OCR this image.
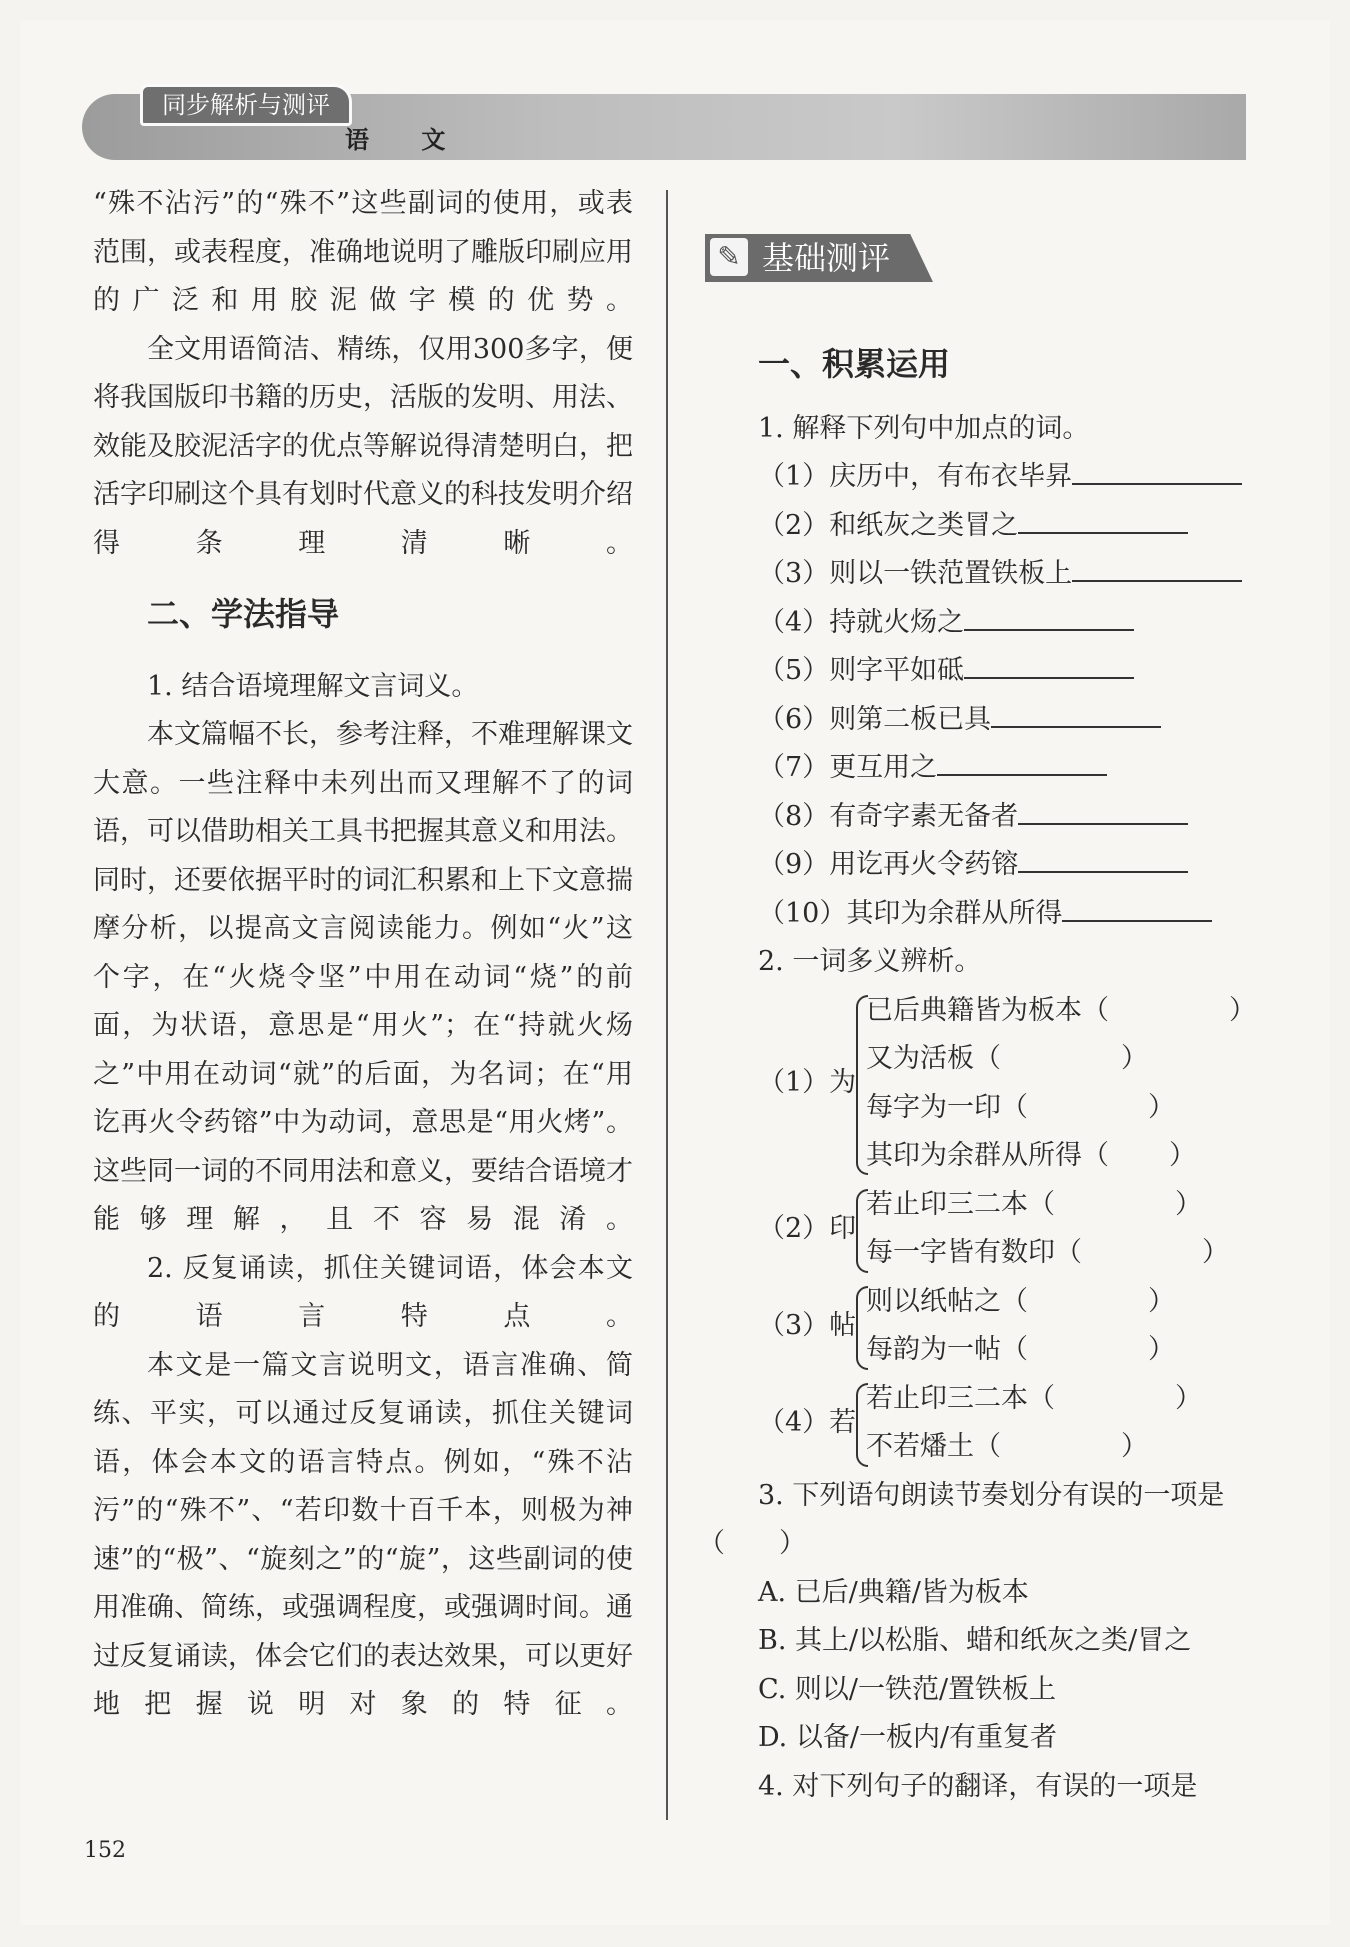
同步解析与测评
语 文

“殊不沾污”的“殊不”这些副词的使用，或表范围，或表程度，准确地说明了雕版印刷应用的广泛和用胶泥做字模的优势。

全文用语简洁、精练，仅用300多字，便将我国版印书籍的历史，活版的发明、用法、效能及胶泥活字的优点等解说得清楚明白，把活字印刷这个具有划时代意义的科技发明介绍得条理清晰。

二、学法指导

1. 结合语境理解文言词义。

本文篇幅不长，参考注释，不难理解课文大意。一些注释中未列出而又理解不了的词语，可以借助相关工具书把握其意义和用法。同时，还要依据平时的词汇积累和上下文意揣摩分析，以提高文言阅读能力。例如“火”这个字，在“火烧令坚”中用在动词“烧”的前面，为状语，意思是“用火”；在“持就火炀之”中用在动词“就”的后面，为名词；在“用讫再火令药镕”中为动词，意思是“用火烤”。这些同一词的不同用法和意义，要结合语境才能够理解，且不容易混淆。

2. 反复诵读，抓住关键词语，体会本文的语言特点。

本文是一篇文言说明文，语言准确、简练、平实，可以通过反复诵读，抓住关键词语，体会本文的语言特点。例如，“殊不沾污”的“殊不”、“若印数十百千本，则极为神速”的“极”、“旋刻之”的“旋”，这些副词的使用准确、简练，或强调程度，或强调时间。通过反复诵读，体会它们的表达效果，可以更好地把握说明对象的特征。

✎ 基础测评

一、积累运用

1. 解释下列句中加点的词。

（1）庆历中，有布衣毕昇

（2）和纸灰之类冒之

（3）则以一铁范置铁板上

（4）持就火炀之

（5）则字平如砥

（6）则第二板已具

（7）更互用之

（8）有奇字素无备者

（9）用讫再火令药镕

（10）其印为余群从所得

2. 一词多义辨析。

（1）为

已后典籍皆为板本（	）

又为活板（	）

每字为一印（	）

其印为余群从所得（ ）

（2）印

若止印三二本（	）

每一字皆有数印（	）

（3）帖

则以纸帖之（	）

每韵为一帖（	）

（4）若

若止印三二本（	）

不若燔土（	）

3. 下列语句朗读节奏划分有误的一项是

（　　）

A. 已后/典籍/皆为板本

B. 其上/以松脂、蜡和纸灰之类/冒之

C. 则以/一铁范/置铁板上

D. 以备/一板内/有重复者

4. 对下列句子的翻译，有误的一项是

152
